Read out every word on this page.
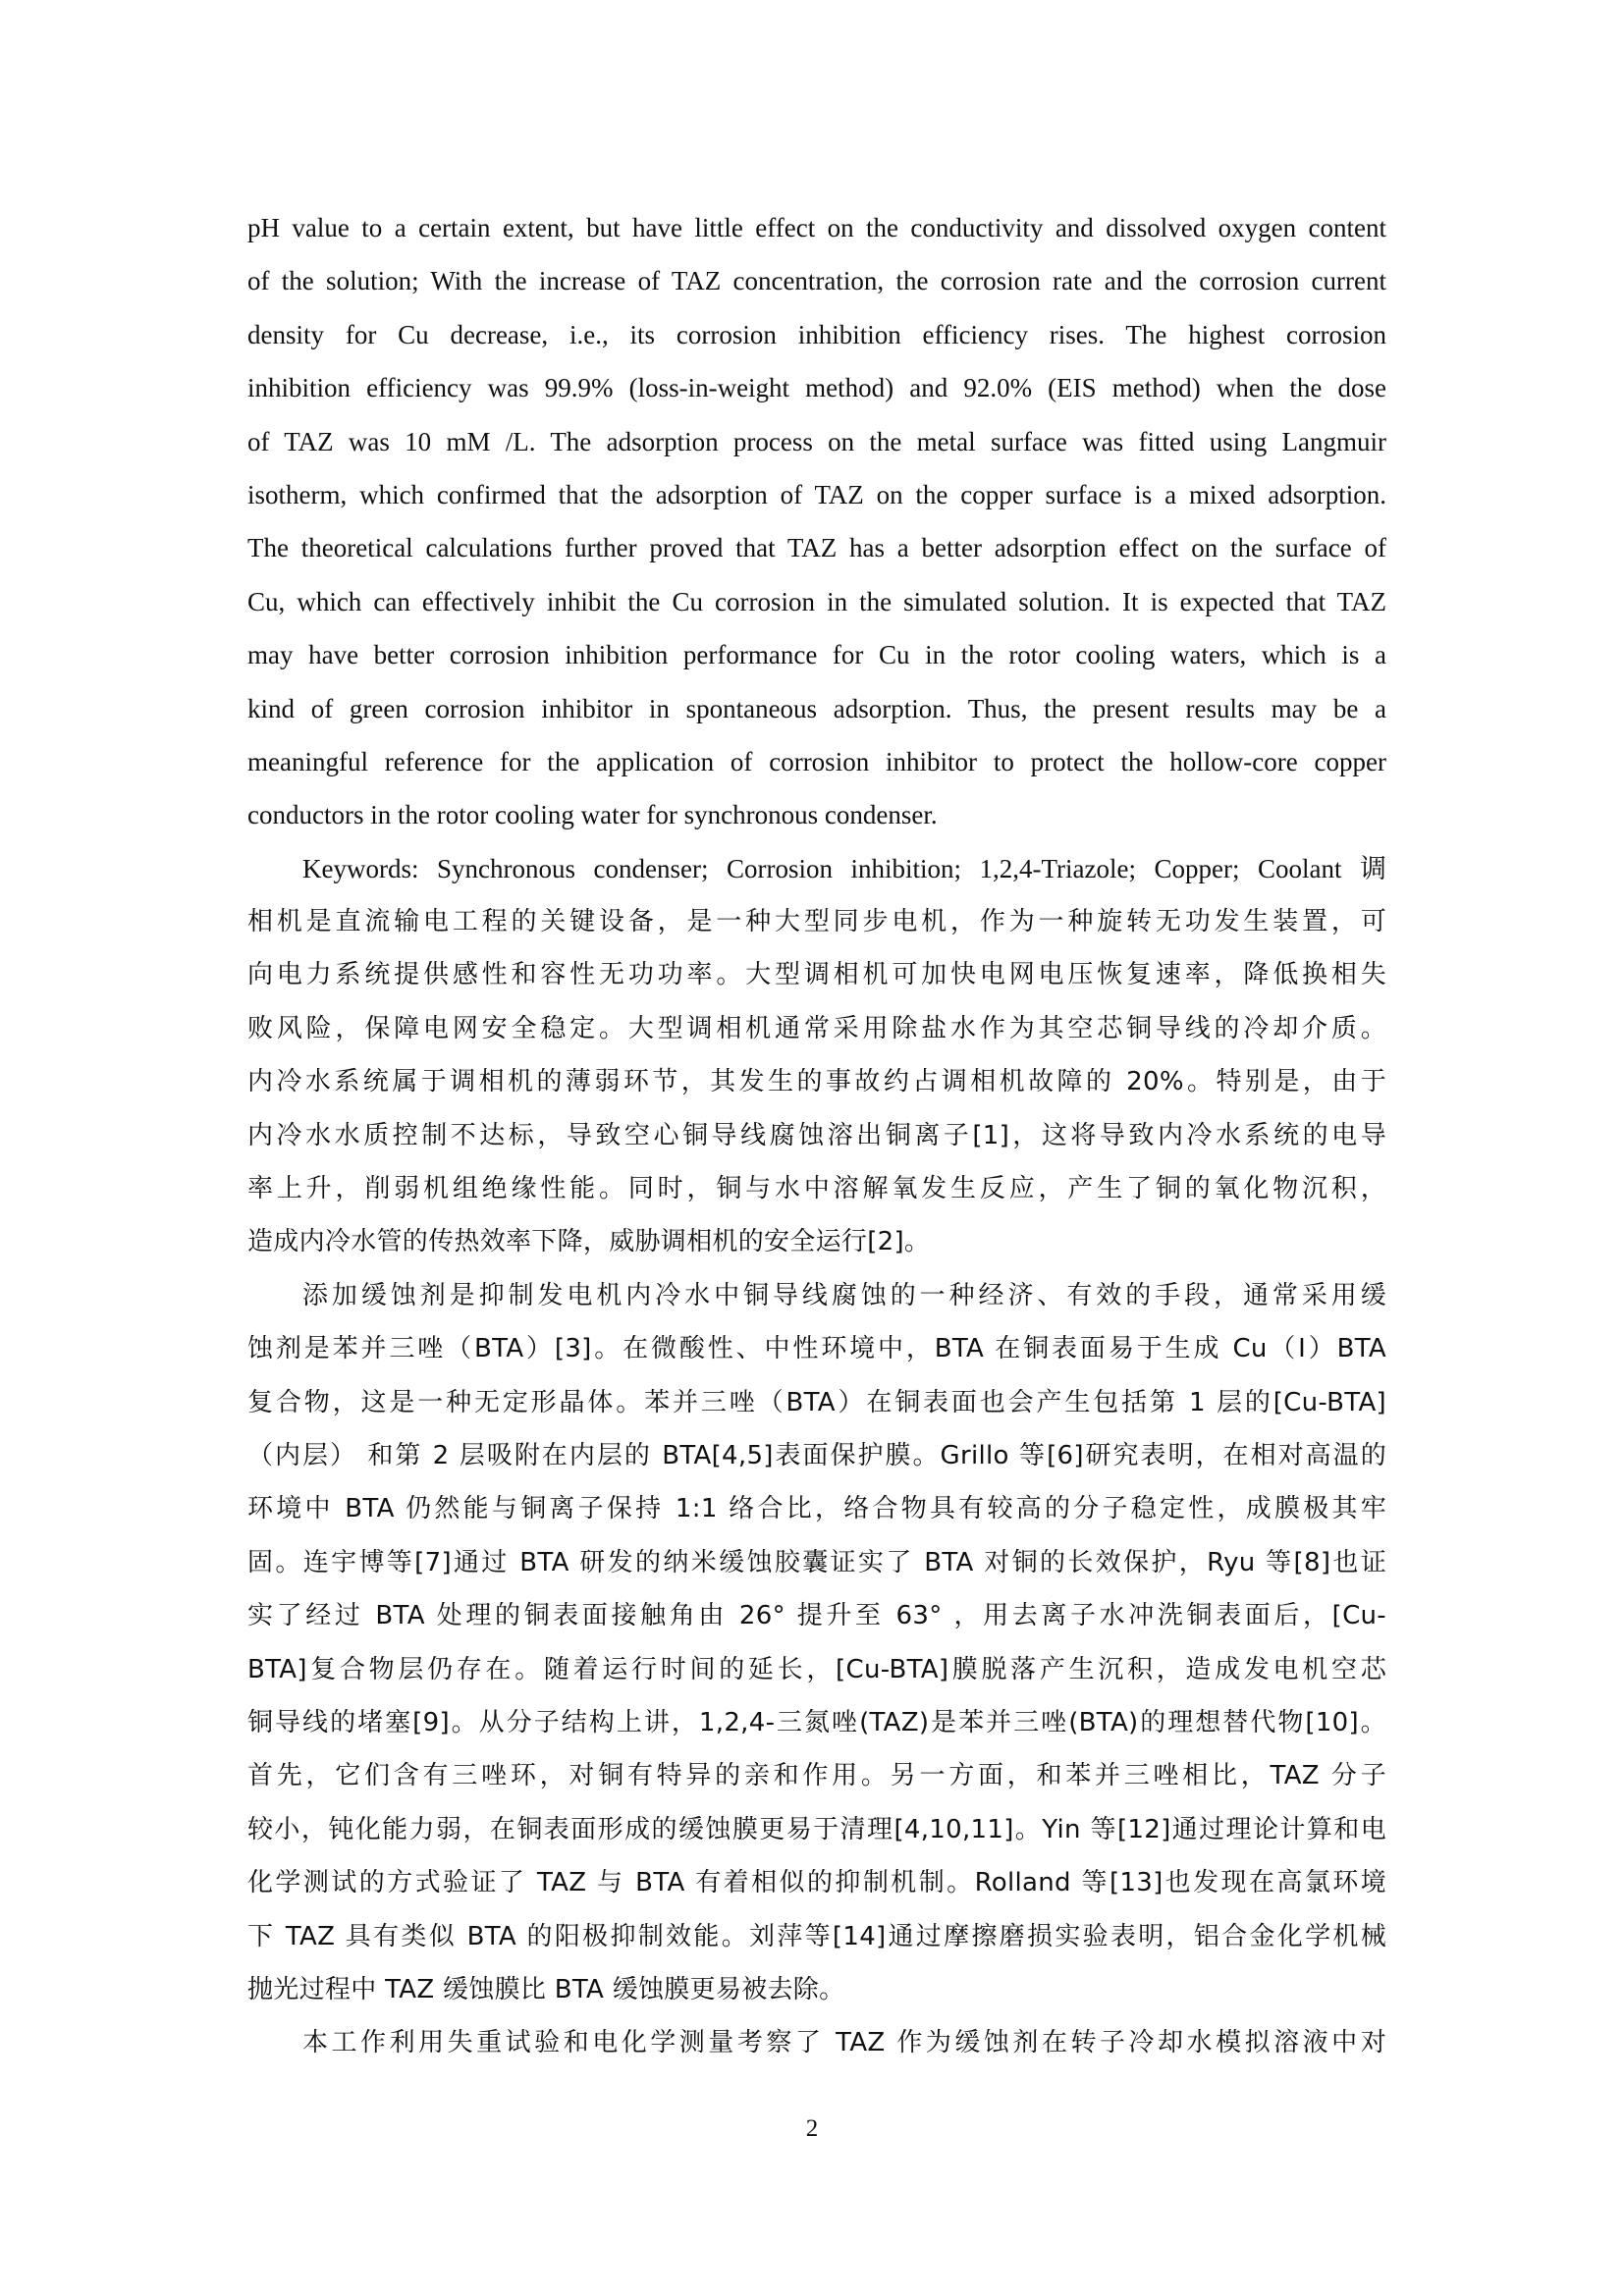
pH value to a certain extent, but have little effect on the conductivity and dissolved oxygen content
of the solution; With the increase of TAZ concentration, the corrosion rate and the corrosion current
density for Cu decrease, i.e., its corrosion inhibition efficiency rises. The highest corrosion
inhibition efficiency was 99.9% (loss-in-weight method) and 92.0% (EIS method) when the dose
of TAZ was 10 mM /L. The adsorption process on the metal surface was fitted using Langmuir
isotherm, which confirmed that the adsorption of TAZ on the copper surface is a mixed adsorption.
The theoretical calculations further proved that TAZ has a better adsorption effect on the surface of
Cu, which can effectively inhibit the Cu corrosion in the simulated solution. It is expected that TAZ
may have better corrosion inhibition performance for Cu in the rotor cooling waters, which is a
kind of green corrosion inhibitor in spontaneous adsorption. Thus, the present results may be a
meaningful reference for the application of corrosion inhibitor to protect the hollow-core copper
conductors in the rotor cooling water for synchronous condenser.
Keywords: Synchronous condenser; Corrosion inhibition; 1,2,4-Triazole; Copper; Coolant 调
相机是直流输电工程的关键设备，是一种大型同步电机，作为一种旋转无功发生装置，可
向电力系统提供感性和容性无功功率。大型调相机可加快电网电压恢复速率，降低换相失
败风险，保障电网安全稳定。大型调相机通常采用除盐水作为其空芯铜导线的冷却介质。
内冷水系统属于调相机的薄弱环节，其发生的事故约占调相机故障的 20%。特别是，由于
内冷水水质控制不达标，导致空心铜导线腐蚀溶出铜离子[1]，这将导致内冷水系统的电导
率上升，削弱机组绝缘性能。同时，铜与水中溶解氧发生反应，产生了铜的氧化物沉积，
造成内冷水管的传热效率下降，威胁调相机的安全运行[2]。
添加缓蚀剂是抑制发电机内冷水中铜导线腐蚀的一种经济、有效的手段，通常采用缓
蚀剂是苯并三唑（BTA）[3]。在微酸性、中性环境中，BTA 在铜表面易于生成 Cu（I）BTA
复合物，这是一种无定形晶体。苯并三唑（BTA）在铜表面也会产生包括第 1 层的[Cu-BTA]
（内层） 和第 2 层吸附在内层的 BTA[4,5]表面保护膜。Grillo 等[6]研究表明，在相对高温的
环境中 BTA 仍然能与铜离子保持 1:1 络合比，络合物具有较高的分子稳定性，成膜极其牢
固。连宇博等[7]通过 BTA 研发的纳米缓蚀胶囊证实了 BTA 对铜的长效保护，Ryu 等[8]也证
实了经过 BTA 处理的铜表面接触角由 26° 提升至 63° ，用去离子水冲洗铜表面后，[Cu-
BTA]复合物层仍存在。随着运行时间的延长，[Cu-BTA]膜脱落产生沉积，造成发电机空芯
铜导线的堵塞[9]。从分子结构上讲，1,2,4-三氮唑(TAZ)是苯并三唑(BTA)的理想替代物[10]。
首先，它们含有三唑环，对铜有特异的亲和作用。另一方面，和苯并三唑相比，TAZ 分子
较小，钝化能力弱，在铜表面形成的缓蚀膜更易于清理[4,10,11]。Yin 等[12]通过理论计算和电
化学测试的方式验证了 TAZ 与 BTA 有着相似的抑制机制。Rolland 等[13]也发现在高氯环境
下 TAZ 具有类似 BTA 的阳极抑制效能。刘萍等[14]通过摩擦磨损实验表明，铝合金化学机械
抛光过程中 TAZ 缓蚀膜比 BTA 缓蚀膜更易被去除。
本工作利用失重试验和电化学测量考察了 TAZ 作为缓蚀剂在转子冷却水模拟溶液中对
2
